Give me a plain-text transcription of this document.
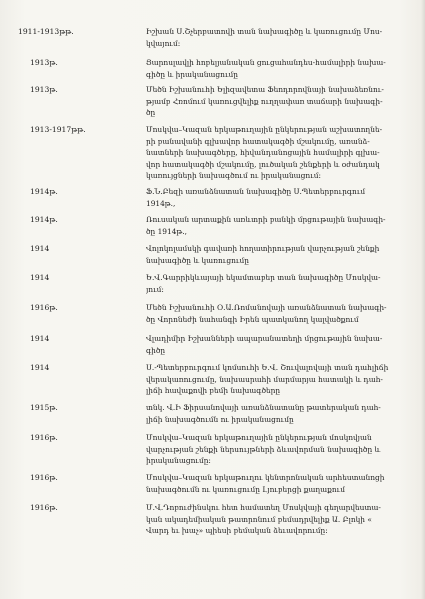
1911-1913թթ.	Իշխան Ս.Շչերբատովի տան նախագիծը և կառուցումը Մոս-
կվայում:
1913թ.	Յարոսլավլի հոբելյանական ցուցահանդես-համալիրի նախա-
գիծը և իրականացումը
1913թ.	Մեծն Իշխանուհի Ելիզավետա Ֆեոդորովնայի նախաձեռնու-
թյամբ Հռոմում կառուցվելիք ուղղափառ տաճարի նախագի-
ծը
1913-1917թթ.	Մոսկվա–Կազան երկաթուղային ընկերության աշխատողնե-
րի բանավանի գլխավոր հատակագծի մշակումը, առանձ-
նատների նախագծերը, հիվանդանոցային համալիրի գլխա-
վոր հատակագծի մշակումը, լուծական շենքերի և օժանդակ
կառույցների նախագծում ու իրականացում:
1914թ.	Ֆ.Ն.Բեզի առանձնատան նախագիծը Ս.Պետերբուրգում
1914թ.,
1914թ.	Ռուսական արտաքին առևտրի բանկի մրցութային նախագի-
ծը 1914թ.,
1914	Վոլոկոլամսկի գավառի հողատիրության վարչության շենքի
նախագիծը և կառուցումը
1914	Ե.Վ.Գարրիկևայայի եկամտաբեր տան նախագիծը Մոսկվա-
յում:
1916թ.	Մեծն Իշխանուհի Օ.Ա.Ռոմանովայի առանձնատան նախագի-
ծը Վորոնեժի նահանգի Իրեն պատկանող կալվածքում
1914	Վլադիմիր Իշխանների ապարանատեղի մրցութային նախա-
գիծը
1914	Ս.-Պետերբուրգում կոմսուհի Ե.Վ. Շուվալովայի տան դահլիճի
վերակառուցումը, նախասրահի մարմարյա հատակի և դահ-
լիճի հավաքովի բեմի նախագծերը
1915թ.	տնկ. Վ.Ի Ֆիրսանովայի առանձնատանը թատերական դահ-
լիճի նախագծումն ու իրականացումը
1916թ.	Մոսկվա–Կազան երկաթուղային ընկերության մոսկովյան
վարչության շենքի ներսույթների ձևավորման նախագիծը և
իրականացումը:
1916թ.	Մոսկվա–Կազան երկաթուղու կենտրոնական արհեստանոցի
նախագծումն ու կառուցումը Լյուբերցի քաղաքում
1916թ.	Մ.Վ.Դոբուժինսկու հետ համատեղ Մոսկվայի գեղարվեստա-
կան ակադեմիական թատրոնում բեմադրվելիք Ա. Բլոկի «
Վարդ եւ խաչ» պիեսի բեմական ձեւավորումը:
